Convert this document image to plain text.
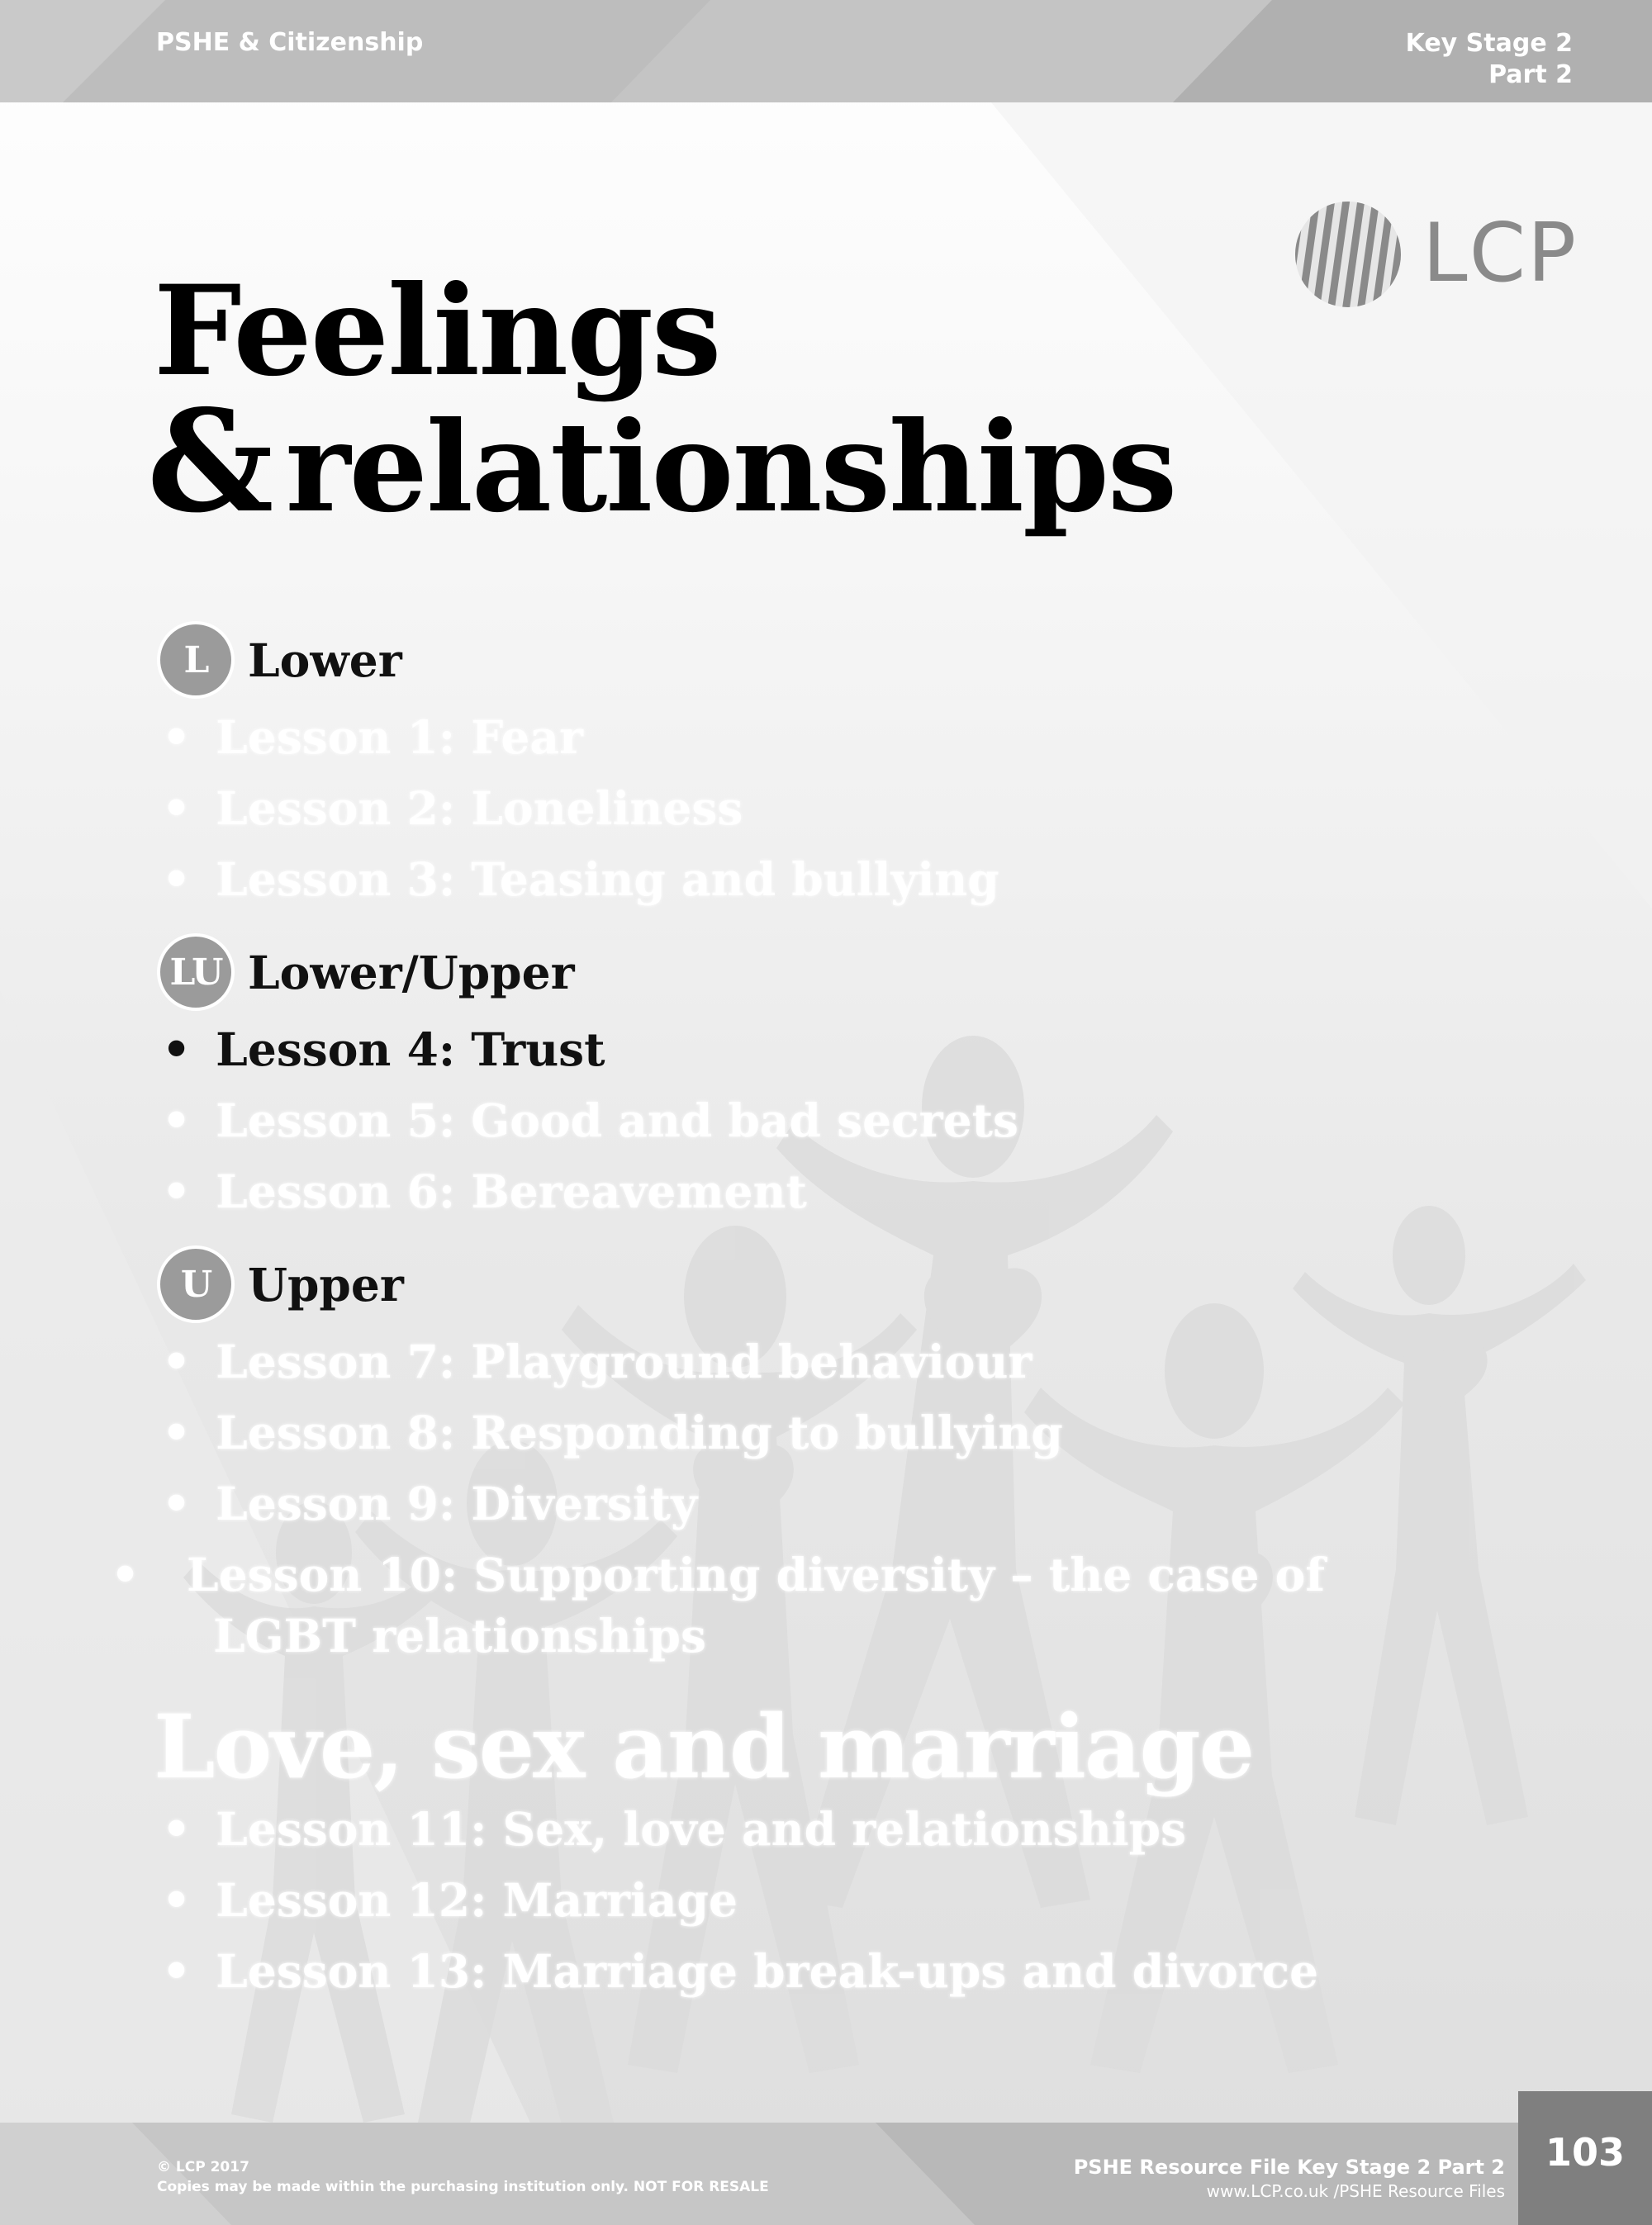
PSHE & Citizenship	Key Stage 2
Part 2
LCP
Feelings
& relationships
L Lower
• Lesson 1: Fear
• Lesson 2: Loneliness
• Lesson 3: Teasing and bullying
LU Lower/Upper
• Lesson 4: Trust
• Lesson 5: Good and bad secrets
• Lesson 6: Bereavement
U Upper
• Lesson 7: Playground behaviour
• Lesson 8: Responding to bullying
• Lesson 9: Diversity
Lesson 10: Supporting diversity – the case of LGBT relationships
Love, sex and marriage
• Lesson 11: Sex, love and relationships
• Lesson 12: Marriage
• Lesson 13: Marriage break-ups and divorce
© LCP 2017
Copies may be made within the purchasing institution only. NOT FOR RESALE
PSHE Resource File Key Stage 2 Part 2
www.LCP.co.uk /PSHE Resource Files
103
